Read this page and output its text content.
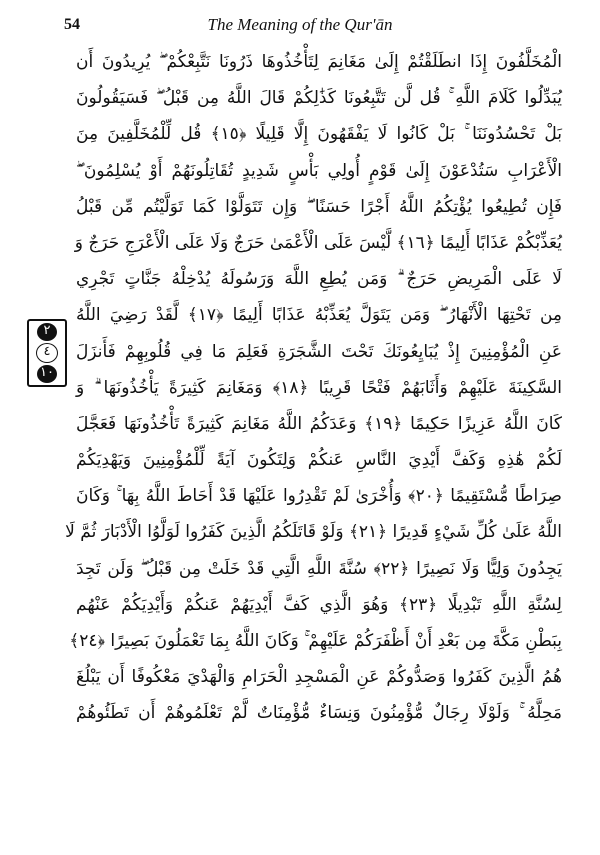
54	The Meaning of the Qur'ān
٢
٤
١٠
الْمُخَلَّفُونَ إِذَا انطَلَقْتُمْ إِلَىٰ مَغَانِمَ لِتَأْخُذُوهَا ذَرُونَا نَتَّبِعْكُمْ ۖ يُرِيدُونَ أَن
يُبَدِّلُوا كَلَامَ اللَّهِ ۚ قُل لَّن تَتَّبِعُونَا كَذَٰلِكُمْ قَالَ اللَّهُ مِن قَبْلُ ۖ فَسَيَقُولُونَ
بَلْ تَحْسُدُونَنَا ۚ بَلْ كَانُوا لَا يَفْقَهُونَ إِلَّا قَلِيلًا ﴿١٥﴾ قُل لِّلْمُخَلَّفِينَ مِنَ
الْأَعْرَابِ سَتُدْعَوْنَ إِلَىٰ قَوْمٍ أُولِي بَأْسٍ شَدِيدٍ تُقَاتِلُونَهُمْ أَوْ يُسْلِمُونَ ۖ
فَإِن تُطِيعُوا يُؤْتِكُمُ اللَّهُ أَجْرًا حَسَنًا ۖ وَإِن تَتَوَلَّوْا كَمَا تَوَلَّيْتُم مِّن قَبْلُ
يُعَذِّبْكُمْ عَذَابًا أَلِيمًا ﴿١٦﴾ لَّيْسَ عَلَى الْأَعْمَىٰ حَرَجٌ وَلَا عَلَى الْأَعْرَجِ حَرَجٌ وَ
لَا عَلَى الْمَرِيضِ حَرَجٌ ۗ وَمَن يُطِعِ اللَّهَ وَرَسُولَهُ يُدْخِلْهُ جَنَّاتٍ تَجْرِي
مِن تَحْتِهَا الْأَنْهَارُ ۖ وَمَن يَتَوَلَّ يُعَذِّبْهُ عَذَابًا أَلِيمًا ﴿١٧﴾ لَّقَدْ رَضِيَ اللَّهُ
عَنِ الْمُؤْمِنِينَ إِذْ يُبَايِعُونَكَ تَحْتَ الشَّجَرَةِ فَعَلِمَ مَا فِي قُلُوبِهِمْ فَأَنزَلَ
السَّكِينَةَ عَلَيْهِمْ وَأَثَابَهُمْ فَتْحًا قَرِيبًا ﴿١٨﴾ وَمَغَانِمَ كَثِيرَةً يَأْخُذُونَهَا ۗ وَ
كَانَ اللَّهُ عَزِيزًا حَكِيمًا ﴿١٩﴾ وَعَدَكُمُ اللَّهُ مَغَانِمَ كَثِيرَةً تَأْخُذُونَهَا فَعَجَّلَ
لَكُمْ هَٰذِهِ وَكَفَّ أَيْدِيَ النَّاسِ عَنكُمْ وَلِتَكُونَ آيَةً لِّلْمُؤْمِنِينَ وَيَهْدِيَكُمْ
صِرَاطًا مُّسْتَقِيمًا ﴿٢٠﴾ وَأُخْرَىٰ لَمْ تَقْدِرُوا عَلَيْهَا قَدْ أَحَاطَ اللَّهُ بِهَا ۚ وَكَانَ
اللَّهُ عَلَىٰ كُلِّ شَيْءٍ قَدِيرًا ﴿٢١﴾ وَلَوْ قَاتَلَكُمُ الَّذِينَ كَفَرُوا لَوَلَّوُا الْأَدْبَارَ ثُمَّ لَا
يَجِدُونَ وَلِيًّا وَلَا نَصِيرًا ﴿٢٢﴾ سُنَّةَ اللَّهِ الَّتِي قَدْ خَلَتْ مِن قَبْلُ ۖ وَلَن تَجِدَ
لِسُنَّةِ اللَّهِ تَبْدِيلًا ﴿٢٣﴾ وَهُوَ الَّذِي كَفَّ أَيْدِيَهُمْ عَنكُمْ وَأَيْدِيَكُمْ عَنْهُم
بِبَطْنِ مَكَّةَ مِن بَعْدِ أَنْ أَظْفَرَكُمْ عَلَيْهِمْ ۚ وَكَانَ اللَّهُ بِمَا تَعْمَلُونَ بَصِيرًا ﴿٢٤﴾
هُمُ الَّذِينَ كَفَرُوا وَصَدُّوكُمْ عَنِ الْمَسْجِدِ الْحَرَامِ وَالْهَدْيَ مَعْكُوفًا أَن يَبْلُغَ
مَحِلَّهُ ۚ وَلَوْلَا رِجَالٌ مُّؤْمِنُونَ وَنِسَاءٌ مُّؤْمِنَاتٌ لَّمْ تَعْلَمُوهُمْ أَن تَطَئُوهُمْ
